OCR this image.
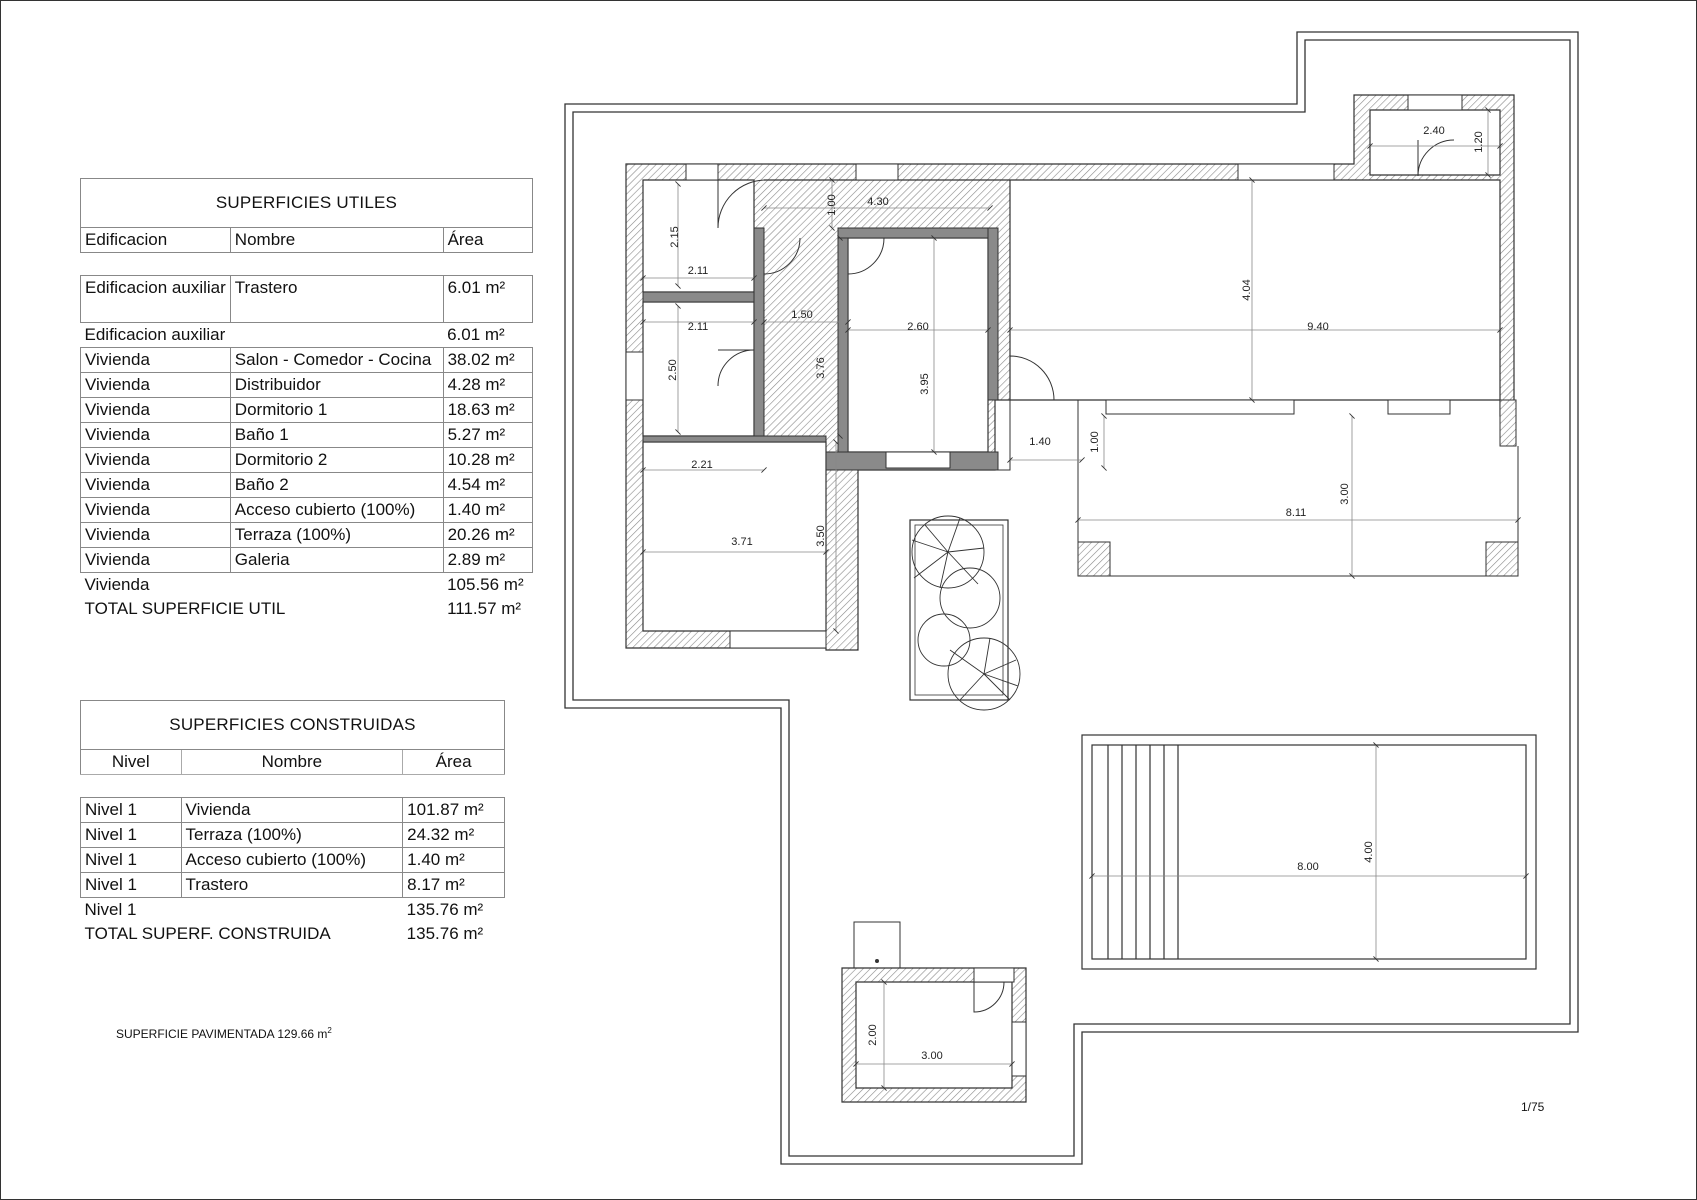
SUPERFICIES UTILES		
Edificacion	Nombre	Área

Edificacion auxiliar	Trastero	6.01 m²
Edificacion auxiliar		6.01 m²
Vivienda	Salon - Comedor - Cocina	38.02 m²
Vivienda	Distribuidor	4.28 m²
Vivienda	Dormitorio 1	18.63 m²
Vivienda	Baño 1	5.27 m²
Vivienda	Dormitorio 2	10.28 m²
Vivienda	Baño 2	4.54 m²
Vivienda	Acceso cubierto (100%)	1.40 m²
Vivienda	Terraza (100%)	20.26 m²
Vivienda	Galeria	2.89 m²
Vivienda		105.56 m²
TOTAL SUPERFICIE UTIL		111.57 m²
SUPERFICIES CONSTRUIDAS		
Nivel	Nombre	Área

Nivel 1	Vivienda	101.87 m²
Nivel 1	Terraza (100%)	24.32 m²
Nivel 1	Acceso cubierto (100%)	1.40 m²
Nivel 1	Trastero	8.17 m²
Nivel 1		135.76 m²
TOTAL SUPERF. CONSTRUIDA		135.76 m²
SUPERFICIE PAVIMENTADA 129.66 $m^2$
1/75
2.15
2.11
1.00	4.30
2.11
1.50
2.60
2.50	3.76
3.95
4.04
9.40
2.40
1.20
1.40	1.00
3.00
8.11
2.21
3.71	3.50
8.00
4.00
2.00
3.00
